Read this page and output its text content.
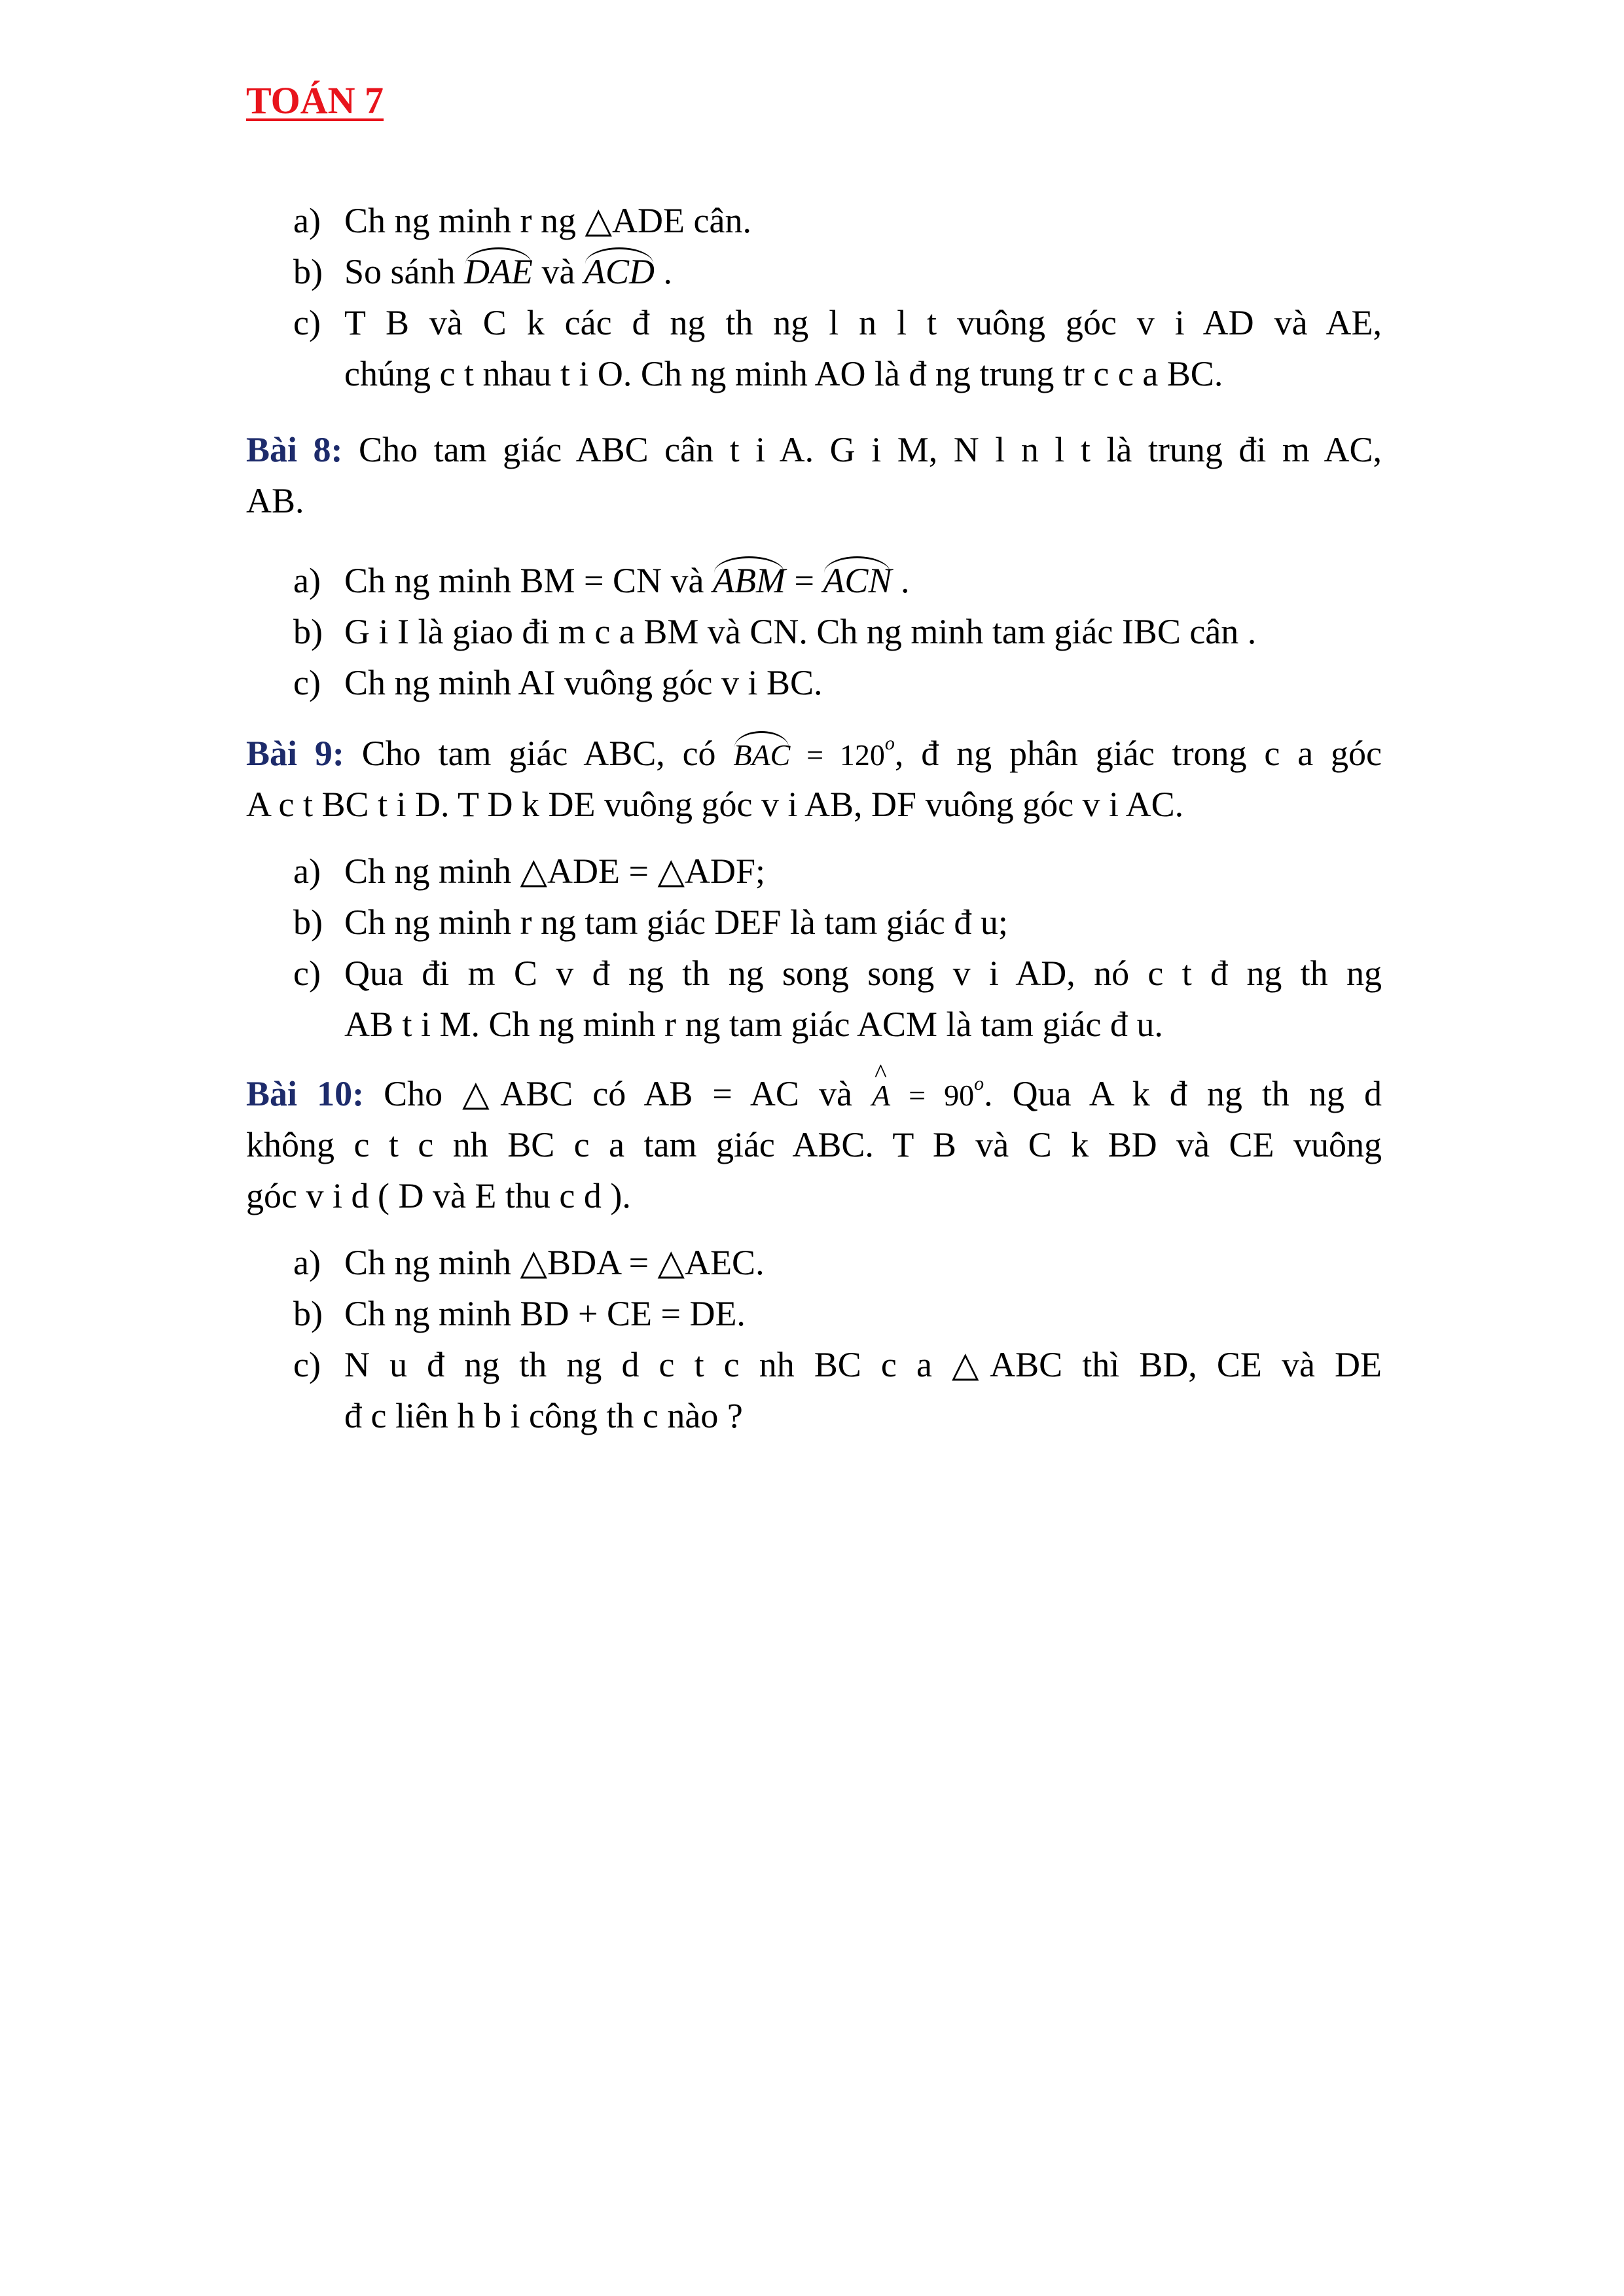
TOÁN 7
a) Ch ng minh r ng △ADE cân.
b) So sánh DAE và ACD .
c) T B và C k các đ ng th ng l n l t vuông góc v i AD và AE,
chúng c t nhau t i O. Ch ng minh AO là đ ng trung tr c c a BC.
Bài 8: Cho tam giác ABC cân t i A. G i M, N l n l t là trung đi m AC,
AB.
a) Ch ng minh BM = CN và ABM = ACN .
b) G i I là giao đi m c a BM và CN. Ch ng minh tam giác IBC cân .
c) Ch ng minh AI vuông góc v i BC.
Bài 9: Cho tam giác ABC, có BAC = $120^o$, đ ng phân giác trong c a góc
A c t BC t i D. T D k DE vuông góc v i AB, DF vuông góc v i AC.
a) Ch ng minh △ADE = △ADF;
b) Ch ng minh r ng tam giác DEF là tam giác đ u;
c) Qua đi m C v đ ng th ng song song v i AD, nó c t đ ng th ng
AB t i M. Ch ng minh r ng tam giác ACM là tam giác đ u.
Bài 10: Cho △ABC có AB = AC và ^ $A = 90^o$. Qua A k đ ng th ng d
không c t c nh BC c a tam giác ABC. T B và C k BD và CE vuông
góc v i d ( D và E thu c d ).
a) Ch ng minh △BDA = △AEC.
b) Ch ng minh BD + CE = DE.
c) N u đ ng th ng d c t c nh BC c a △ABC thì BD, CE và DE
đ c liên h b i công th c nào ?
